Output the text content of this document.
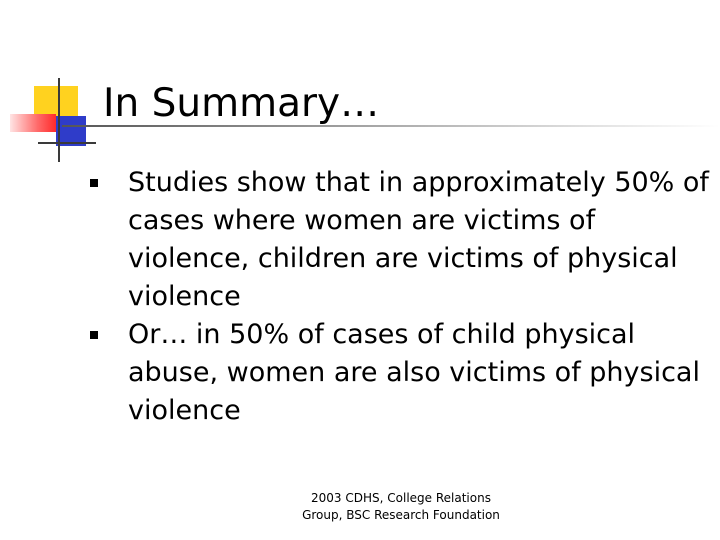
In Summary…
Studies show that in approximately 50% of cases where women are victims of violence, children are victims of physical violence
Or… in 50% of cases of child physical abuse, women are also victims of physical violence
2003 CDHS, College Relations
Group, BSC Research Foundation
